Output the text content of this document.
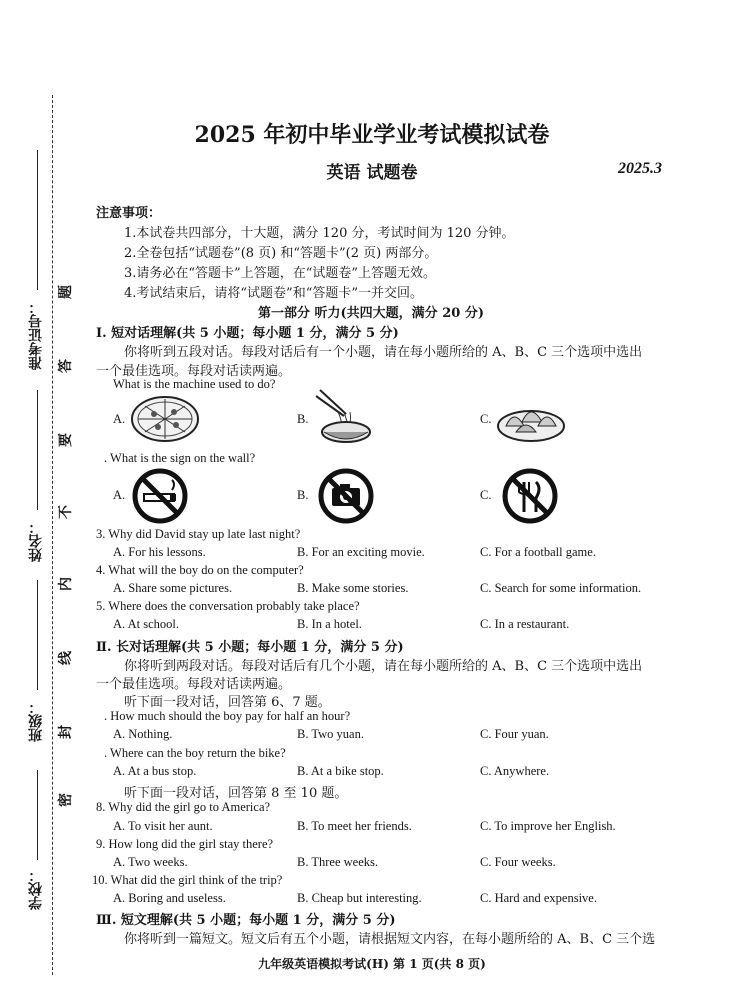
准考证号：
姓名：
班级：
学校：
题
答
要
不
内
线
封
密
2025 年初中毕业学业考试模拟试卷
英语 试题卷	2025.3
注意事项：
1.本试卷共四部分，十大题，满分 120 分，考试时间为 120 分钟。
2.全卷包括“试题卷”(8 页) 和“答题卡”(2 页) 两部分。
3.请务必在“答题卡”上答题，在“试题卷”上答题无效。
4.考试结束后，请将“试题卷”和“答题卡”一并交回。
第一部分 听力(共四大题，满分 20 分)
Ⅰ. 短对话理解(共 5 小题；每小题 1 分，满分 5 分)
你将听到五段对话。每段对话后有一个小题，请在每小题所给的 A、B、C 三个选项中选出
一个最佳选项。每段对话读两遍。
What is the machine used to do?
A.	B.	C.
. What is the sign on the wall?
A.	B.	C.
3. Why did David stay up late last night?
A. For his lessons.	B. For an exciting movie.	C. For a football game.
4. What will the boy do on the computer?
A. Share some pictures.	B. Make some stories.	C. Search for some information.
5. Where does the conversation probably take place?
A. At school.	B. In a hotel.	C. In a restaurant.
Ⅱ. 长对话理解(共 5 小题；每小题 1 分，满分 5 分)
你将听到两段对话。每段对话后有几个小题，请在每小题所给的 A、B、C 三个选项中选出
一个最佳选项。每段对话读两遍。
听下面一段对话，回答第 6、7 题。
. How much should the boy pay for half an hour?
A. Nothing.	B. Two yuan.	C. Four yuan.
. Where can the boy return the bike?
A. At a bus stop.	B. At a bike stop.	C. Anywhere.
听下面一段对话，回答第 8 至 10 题。
8. Why did the girl go to America?
A. To visit her aunt.	B. To meet her friends.	C. To improve her English.
9. How long did the girl stay there?
A. Two weeks.	B. Three weeks.	C. Four weeks.
10. What did the girl think of the trip?
A. Boring and useless.	B. Cheap but interesting.	C. Hard and expensive.
Ⅲ. 短文理解(共 5 小题；每小题 1 分，满分 5 分)
你将听到一篇短文。短文后有五个小题，请根据短文内容，在每小题所给的 A、B、C 三个选
九年级英语模拟考试(H) 第 1 页(共 8 页)
